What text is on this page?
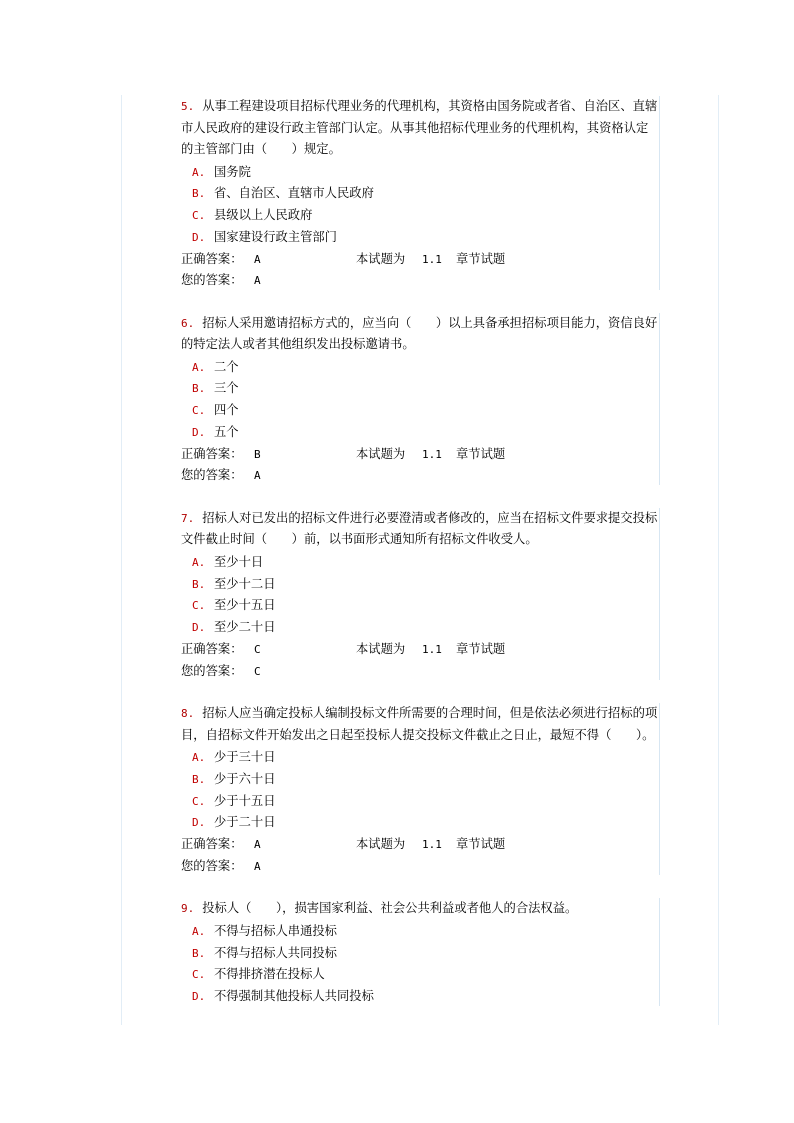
5. 从事工程建设项目招标代理业务的代理机构，其资格由国务院或者省、自治区、直辖市人民政府的建设行政主管部门认定。从事其他招标代理业务的代理机构，其资格认定的主管部门由（　　）规定。
A. 国务院
B. 省、自治区、直辖市人民政府
C. 县级以上人民政府
D. 国家建设行政主管部门
正确答案： A	本试题为 1.1 章节试题
您的答案： A
6. 招标人采用邀请招标方式的，应当向（　　）以上具备承担招标项目能力，资信良好的特定法人或者其他组织发出投标邀请书。
A. 二个
B. 三个
C. 四个
D. 五个
正确答案： B	本试题为 1.1 章节试题
您的答案： A
7. 招标人对已发出的招标文件进行必要澄清或者修改的，应当在招标文件要求提交投标文件截止时间（　　）前，以书面形式通知所有招标文件收受人。
A. 至少十日
B. 至少十二日
C. 至少十五日
D. 至少二十日
正确答案： C	本试题为 1.1 章节试题
您的答案： C
8. 招标人应当确定投标人编制投标文件所需要的合理时间，但是依法必须进行招标的项目，自招标文件开始发出之日起至投标人提交投标文件截止之日止，最短不得（　　）。
A. 少于三十日
B. 少于六十日
C. 少于十五日
D. 少于二十日
正确答案： A	本试题为 1.1 章节试题
您的答案： A
9. 投标人（　　），损害国家利益、社会公共利益或者他人的合法权益。
A. 不得与招标人串通投标
B. 不得与招标人共同投标
C. 不得排挤潜在投标人
D. 不得强制其他投标人共同投标
